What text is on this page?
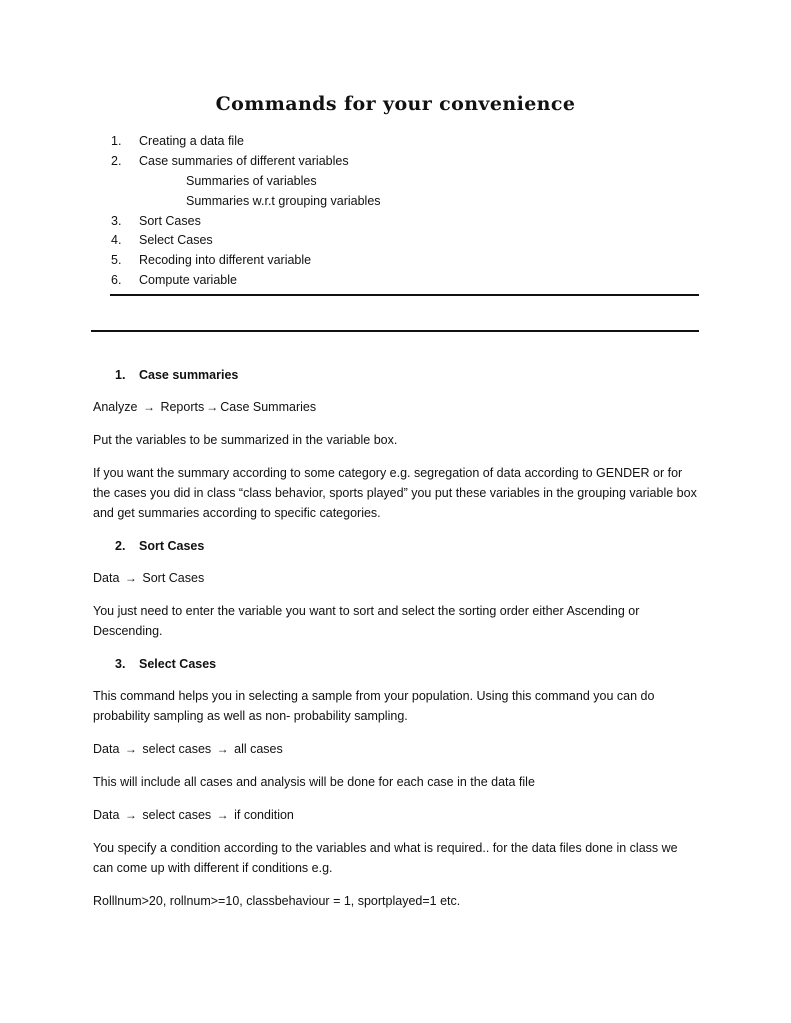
Commands for your convenience
1. Creating a data file
2. Case summaries of different variables
Summaries of variables
Summaries w.r.t grouping variables
3. Sort Cases
4. Select Cases
5. Recoding into different variable
6. Compute variable

1. Case summaries

Analyze → Reports → Case Summaries

Put the variables to be summarized in the variable box.

If you want the summary according to some category e.g. segregation of data according to GENDER or for the cases you did in class “class behavior, sports played” you put these variables in the grouping variable box and get summaries according to specific categories.

2. Sort Cases

Data → Sort Cases

You just need to enter the variable you want to sort and select the sorting order either Ascending or Descending.

3. Select Cases

This command helps you in selecting a sample from your population. Using this command you can do probability sampling as well as non- probability sampling.

Data → select cases → all cases

This will include all cases and analysis will be done for each case in the data file

Data → select cases → if condition

You specify a condition according to the variables and what is required.. for the data files done in class we can come up with different if conditions e.g.

Rolllnum>20, rollnum>=10, classbehaviour = 1, sportplayed=1 etc.
